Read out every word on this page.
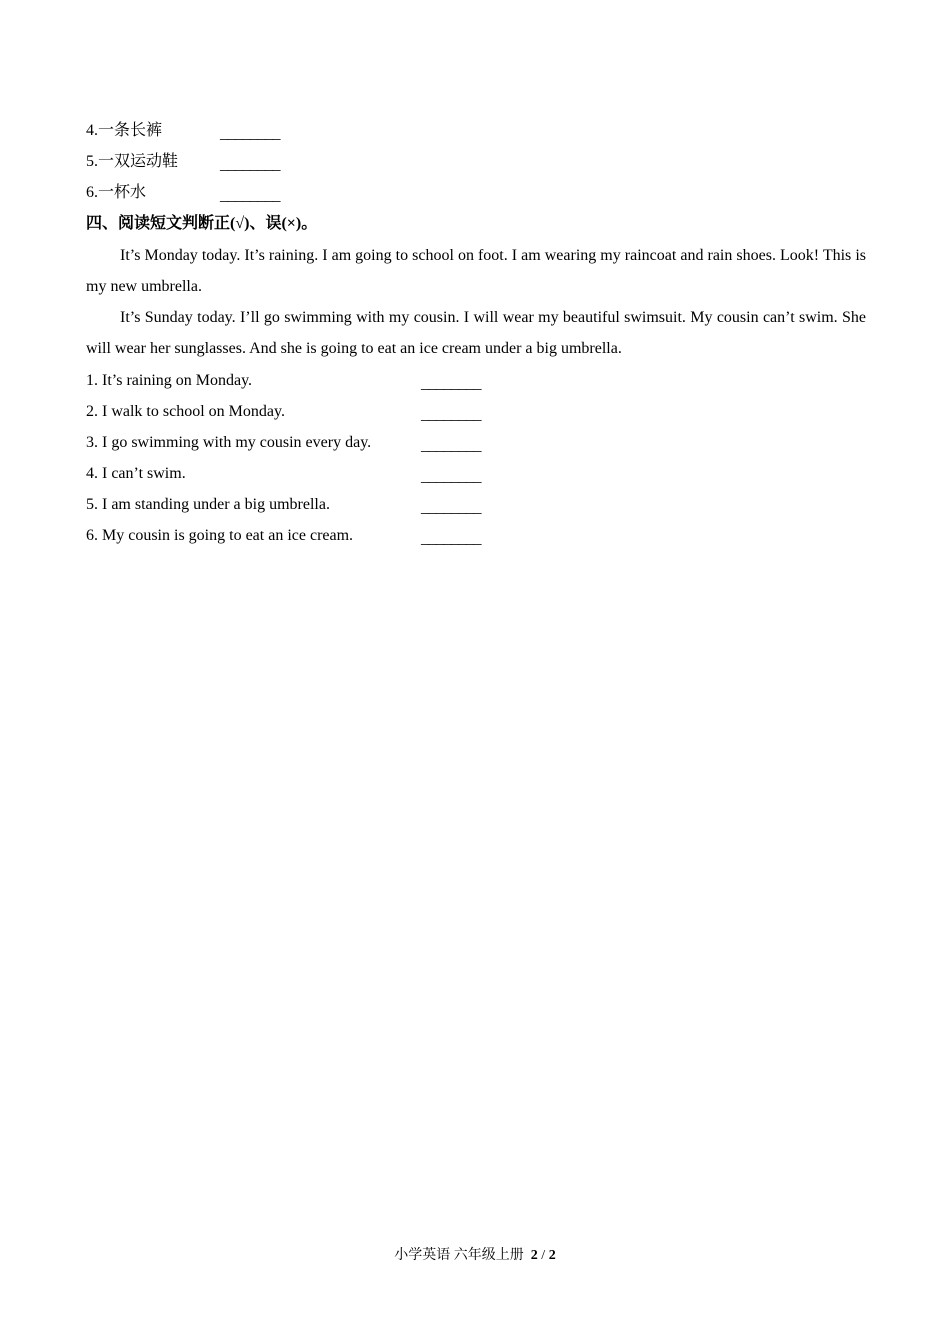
4.一条长裤	________
5.一双运动鞋	________
6.一杯水	________
四、阅读短文判断正(√)、误(×)。
It’s Monday today. It’s raining. I am going to school on foot. I am wearing my raincoat and rain shoes. Look! This is my new umbrella.
It’s Sunday today. I’ll go swimming with my cousin. I will wear my beautiful swimsuit. My cousin can’t swim. She will wear her sunglasses. And she is going to eat an ice cream under a big umbrella.
1. It’s raining on Monday.	________
2. I walk to school on Monday.	________
3. I go swimming with my cousin every day.	________
4. I can’t swim.	________
5. I am standing under a big umbrella.	________
6. My cousin is going to eat an ice cream.	________
小学英语 六年级上册 2 / 2
